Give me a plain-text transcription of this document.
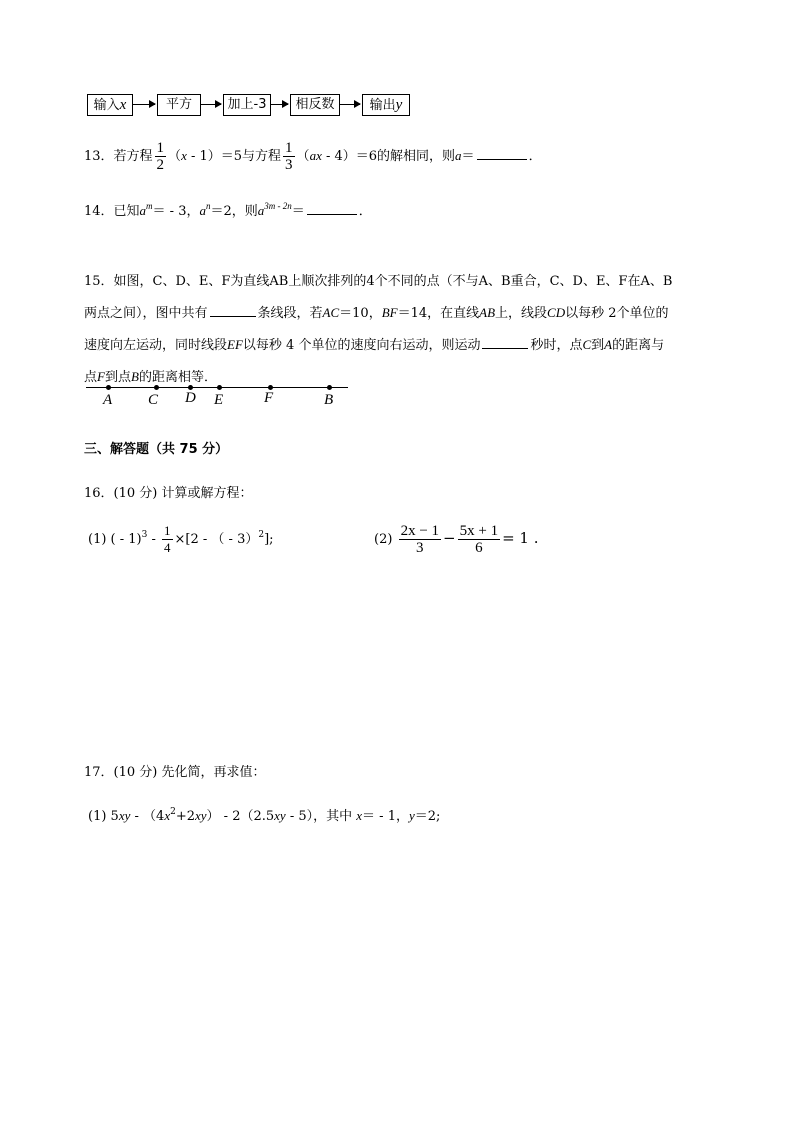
输入x	平方	加上-3	相反数	输出y
13．若方程 $\frac{1}{2} (x - 1)=5$与方程 $\frac{1}{3} (ax - 4)=6$的解相同，则a＝	．
14．已知$a^m= - 3$，$a^n=2$，则$a^{3m - 2n}=$	．
15．如图，C、D、E、F为直线AB上顺次排列的4个不同的点（不与A、B重合，C、D、E、F在A、B
两点之间），图中共有	条线段，若AC＝10，BF＝14，在直线AB上，线段CD以每秒 2个单位的
速度向左运动，同时线段EF以每秒 4 个单位的速度向右运动，则运动	秒时，点C到A的距离与
点F到点B的距离相等．
A C D E	F	B
三、解答题（共 75 分）
16．(10 分) 计算或解方程：
(1) ( - $1)^3 - \frac{1}{4} \times[2$ - （ - 3）$^2$];	$(2) \frac{2x - 1}{3} - \frac{5x + 1}{6} = 1$ .
17．(10 分) 先化简，再求值：
(1) $5xy - (4x^2+2xy) - 2(2.5xy - 5)$，其中 x＝ - 1，y＝2;
